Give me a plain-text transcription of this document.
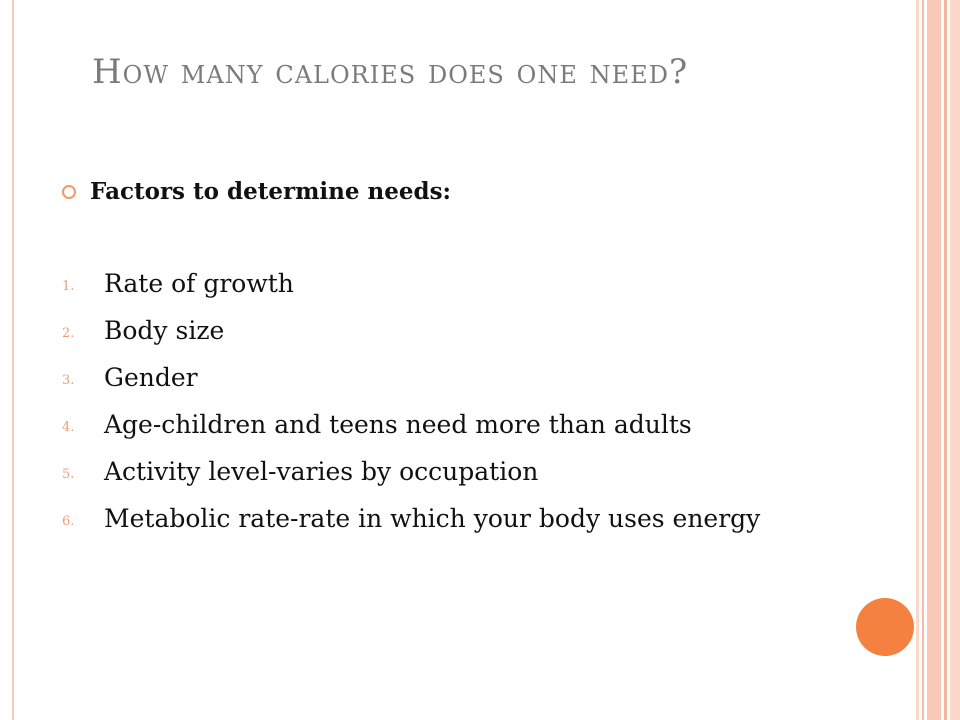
How many calories does one need?
Factors to determine needs:
1.	Rate of growth
2.	Body size
3.	Gender
4.	Age-children and teens need more than adults
5.	Activity level-varies by occupation
6.	Metabolic rate-rate in which your body uses energy
